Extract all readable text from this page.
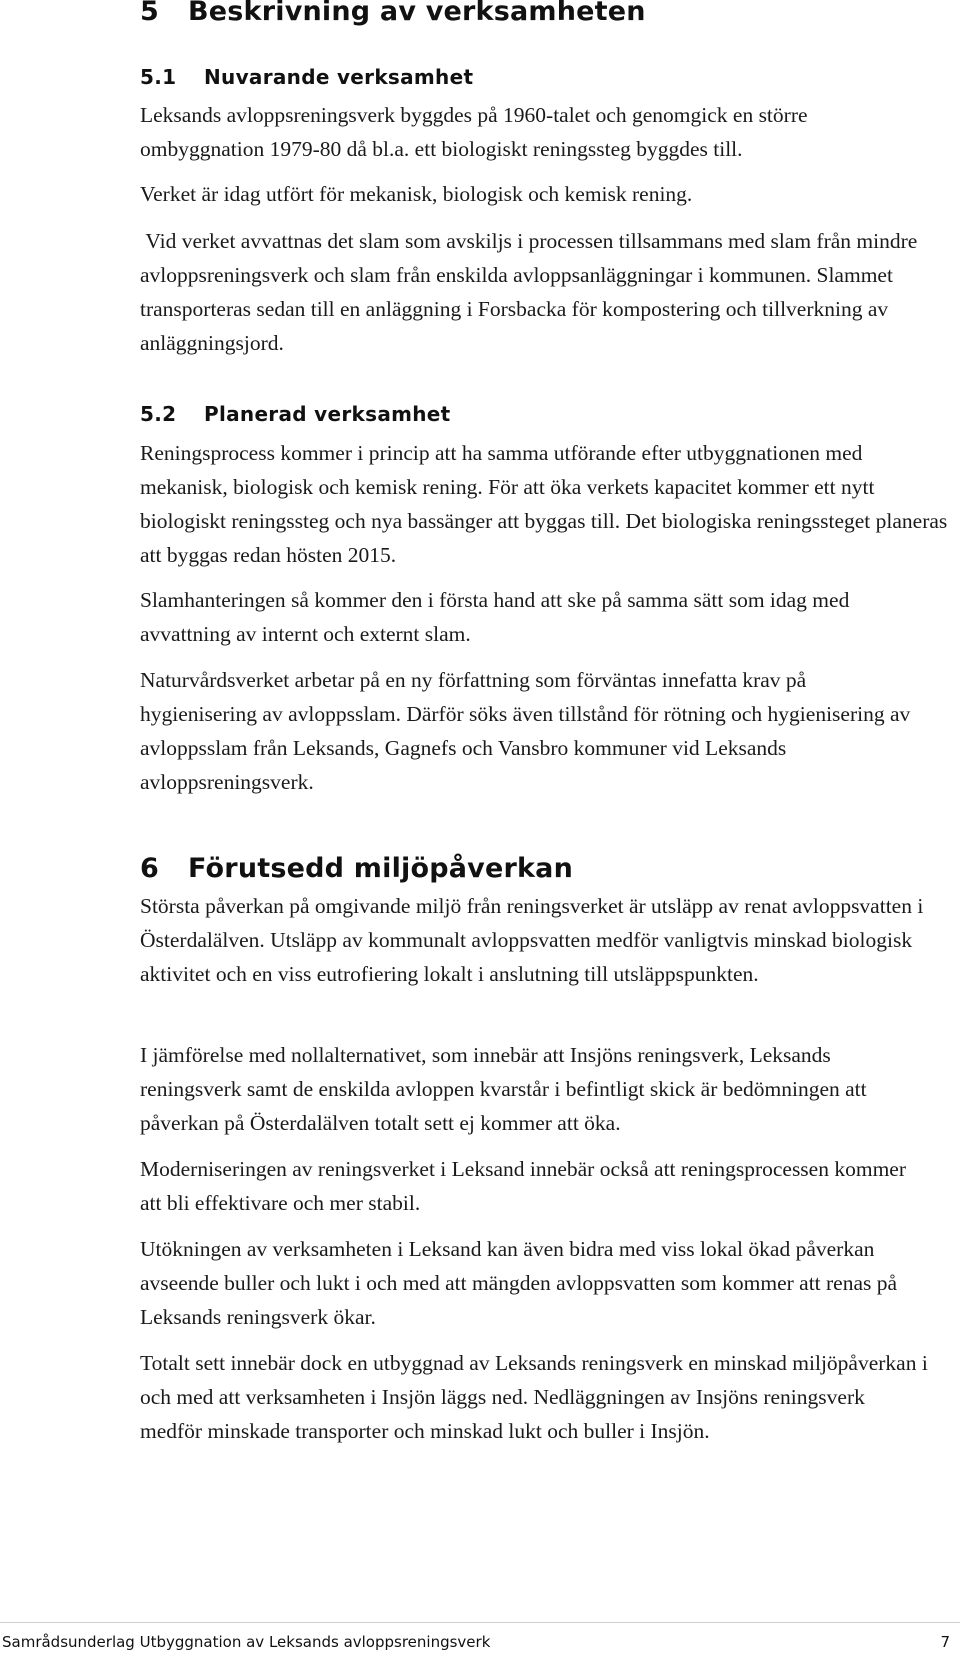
5 Beskrivning av verksamheten
5.1 Nuvarande verksamhet

Leksands avloppsreningsverk byggdes på 1960-talet och genomgick en större ombyggnation 1979-80 då bl.a. ett biologiskt reningssteg byggdes till.

Verket är idag utfört för mekanisk, biologisk och kemisk rening.

Vid verket avvattnas det slam som avskiljs i processen tillsammans med slam från mindre avloppsreningsverk och slam från enskilda avloppsanläggningar i kommunen. Slammet transporteras sedan till en anläggning i Forsbacka för kompostering och tillverkning av anläggningsjord.

5.2 Planerad verksamhet

Reningsprocess kommer i princip att ha samma utförande efter utbyggnationen med mekanisk, biologisk och kemisk rening. För att öka verkets kapacitet kommer ett nytt biologiskt reningssteg och nya bassänger att byggas till. Det biologiska reningssteget planeras att byggas redan hösten 2015.

Slamhanteringen så kommer den i första hand att ske på samma sätt som idag med avvattning av internt och externt slam.

Naturvårdsverket arbetar på en ny författning som förväntas innefatta krav på hygienisering av avloppsslam. Därför söks även tillstånd för rötning och hygienisering av avloppsslam från Leksands, Gagnefs och Vansbro kommuner vid Leksands avloppsreningsverk.

6 Förutsedd miljöpåverkan

Största påverkan på omgivande miljö från reningsverket är utsläpp av renat avloppsvatten i Österdalälven. Utsläpp av kommunalt avloppsvatten medför vanligtvis minskad biologisk aktivitet och en viss eutrofiering lokalt i anslutning till utsläppspunkten.

I jämförelse med nollalternativet, som innebär att Insjöns reningsverk, Leksands reningsverk samt de enskilda avloppen kvarstår i befintligt skick är bedömningen att påverkan på Österdalälven totalt sett ej kommer att öka.

Moderniseringen av reningsverket i Leksand innebär också att reningsprocessen kommer att bli effektivare och mer stabil.

Utökningen av verksamheten i Leksand kan även bidra med viss lokal ökad påverkan avseende buller och lukt i och med att mängden avloppsvatten som kommer att renas på Leksands reningsverk ökar.

Totalt sett innebär dock en utbyggnad av Leksands reningsverk en minskad miljöpåverkan i och med att verksamheten i Insjön läggs ned. Nedläggningen av Insjöns reningsverk medför minskade transporter och minskad lukt och buller i Insjön.

Samrådsunderlag Utbyggnation av Leksands avloppsreningsverk	7
